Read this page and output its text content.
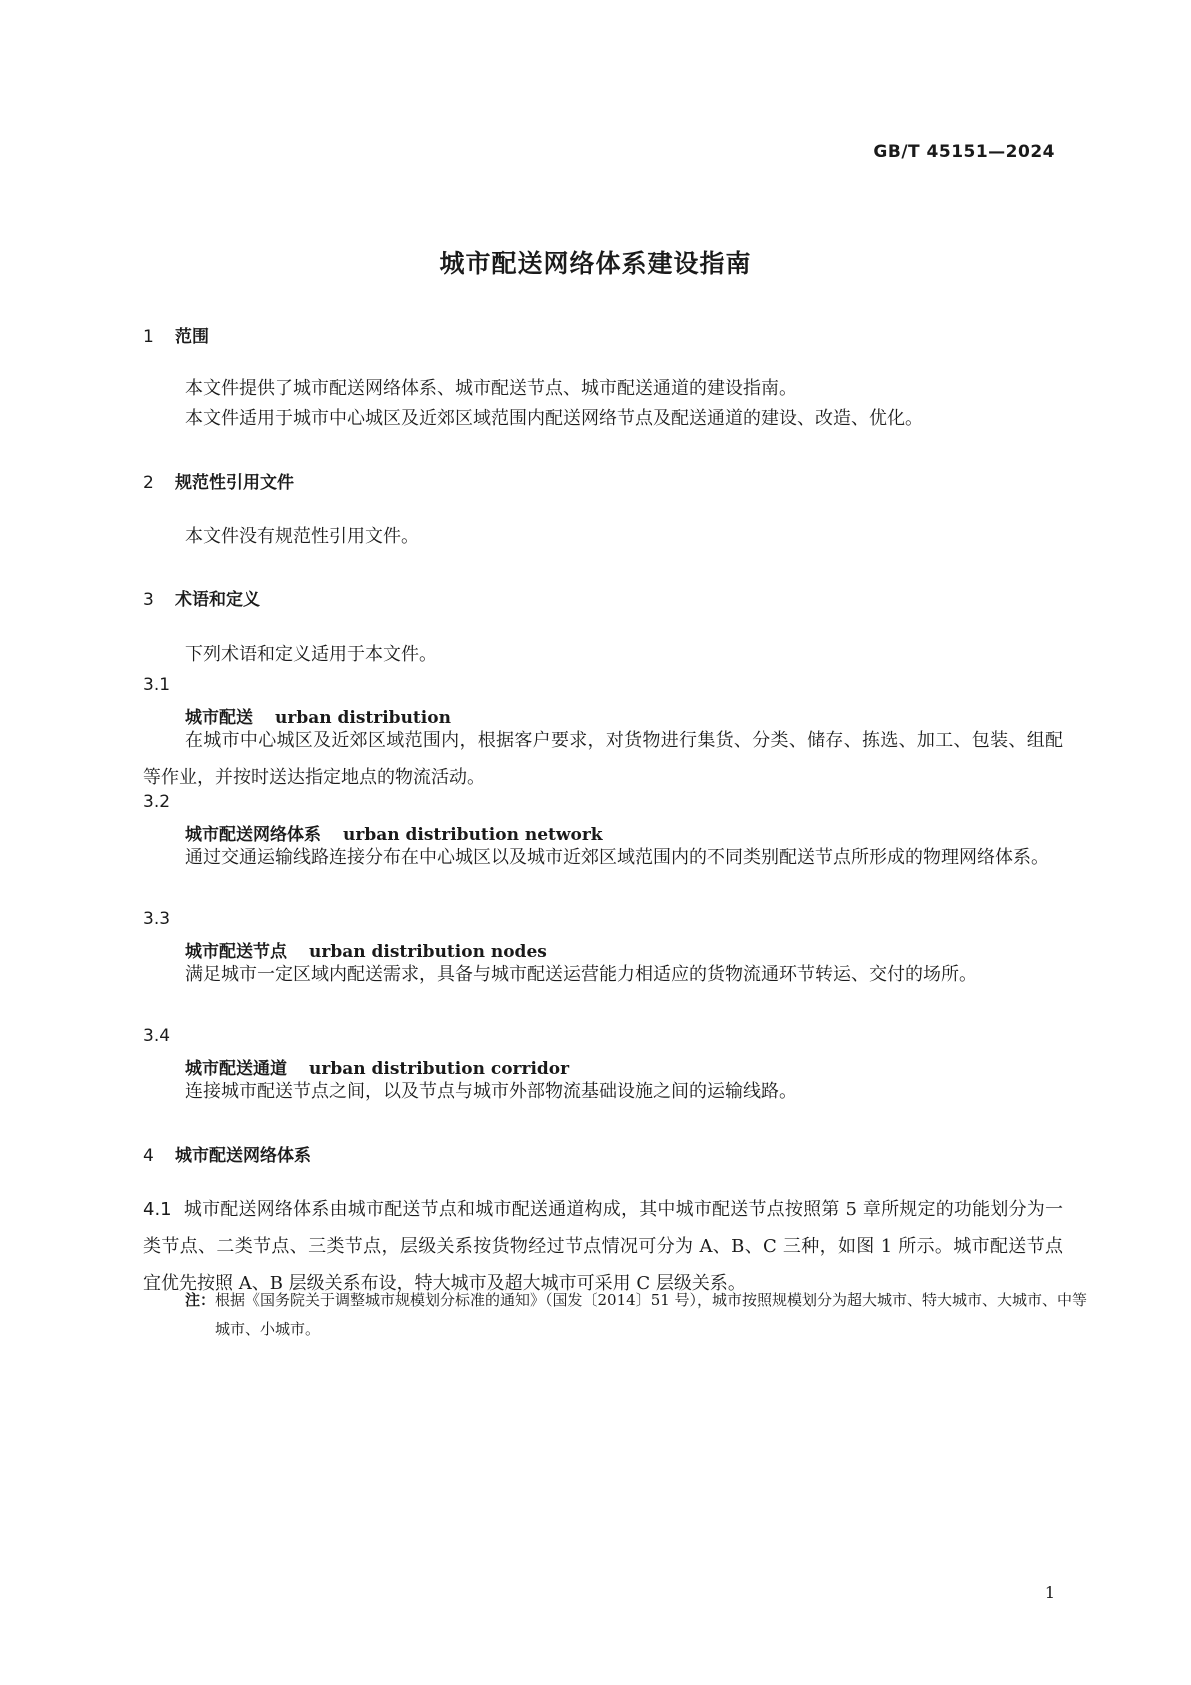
GB/T 45151—2024
城市配送网络体系建设指南
1 范围
本文件提供了城市配送网络体系、城市配送节点、城市配送通道的建设指南。
本文件适用于城市中心城区及近郊区域范围内配送网络节点及配送通道的建设、改造、优化。
2 规范性引用文件
本文件没有规范性引用文件。
3 术语和定义
下列术语和定义适用于本文件。
3.1
城市配送 urban distribution
在城市中心城区及近郊区域范围内，根据客户要求，对货物进行集货、分类、储存、拣选、加工、包装、组配等作业，并按时送达指定地点的物流活动。
3.2
城市配送网络体系 urban distribution network
通过交通运输线路连接分布在中心城区以及城市近郊区域范围内的不同类别配送节点所形成的物理网络体系。
3.3
城市配送节点 urban distribution nodes
满足城市一定区域内配送需求，具备与城市配送运营能力相适应的货物流通环节转运、交付的场所。
3.4
城市配送通道 urban distribution corridor
连接城市配送节点之间，以及节点与城市外部物流基础设施之间的运输线路。
4 城市配送网络体系
4.1 城市配送网络体系由城市配送节点和城市配送通道构成，其中城市配送节点按照第 5 章所规定的功能划分为一类节点、二类节点、三类节点，层级关系按货物经过节点情况可分为 A、B、C 三种，如图 1 所示。城市配送节点宜优先按照 A、B 层级关系布设，特大城市及超大城市可采用 C 层级关系。
注：根据《国务院关于调整城市规模划分标准的通知》（国发〔2014〕51 号），城市按照规模划分为超大城市、特大城市、大城市、中等城市、小城市。
1
